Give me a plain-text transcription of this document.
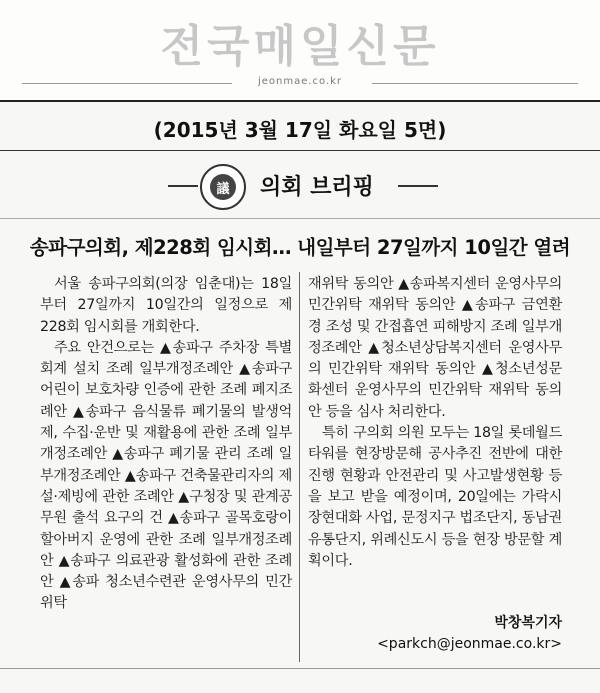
전국매일신문
jeonmae.co.kr
(2015년 3월 17일 화요일 5면)
議 의회 브리핑
송파구의회, 제228회 임시회… 내일부터 27일까지 10일간 열려

서울 송파구의회(의장 임춘대)는 18일부터 27일까지 10일간의 일정으로 제228회 임시회를 개회한다.

주요 안건으로는 ▲송파구 주차장 특별회계 설치 조례 일부개정조례안 ▲송파구 어린이 보호차량 인증에 관한 조례 폐지조례안 ▲송파구 음식물류 폐기물의 발생억제, 수집·운반 및 재활용에 관한 조례 일부개정조례안 ▲송파구 폐기물 관리 조례 일부개정조례안 ▲송파구 건축물관리자의 제설·제빙에 관한 조례안 ▲구청장 및 관계공무원 출석 요구의 건 ▲송파구 골목호랑이할아버지 운영에 관한 조례 일부개정조례안 ▲송파구 의료관광 활성화에 관한 조례안 ▲송파 청소년수련관 운영사무의 민간위탁

재위탁 동의안 ▲송파복지센터 운영사무의 민간위탁 재위탁 동의안 ▲송파구 금연환경 조성 및 간접흡연 피해방지 조례 일부개정조례안 ▲청소년상담복지센터 운영사무의 민간위탁 재위탁 동의안 ▲청소년성문화센터 운영사무의 민간위탁 재위탁 동의안 등을 심사 처리한다.

특히 구의회 의원 모두는 18일 롯데월드타워를 현장방문해 공사추진 전반에 대한 진행 현황과 안전관리 및 사고발생현황 등을 보고 받을 예정이며, 20일에는 가락시장현대화 사업, 문정지구 법조단지, 동남권 유통단지, 위례신도시 등을 현장 방문할 계획이다.

박창복기자
<parkch@jeonmae.co.kr>
